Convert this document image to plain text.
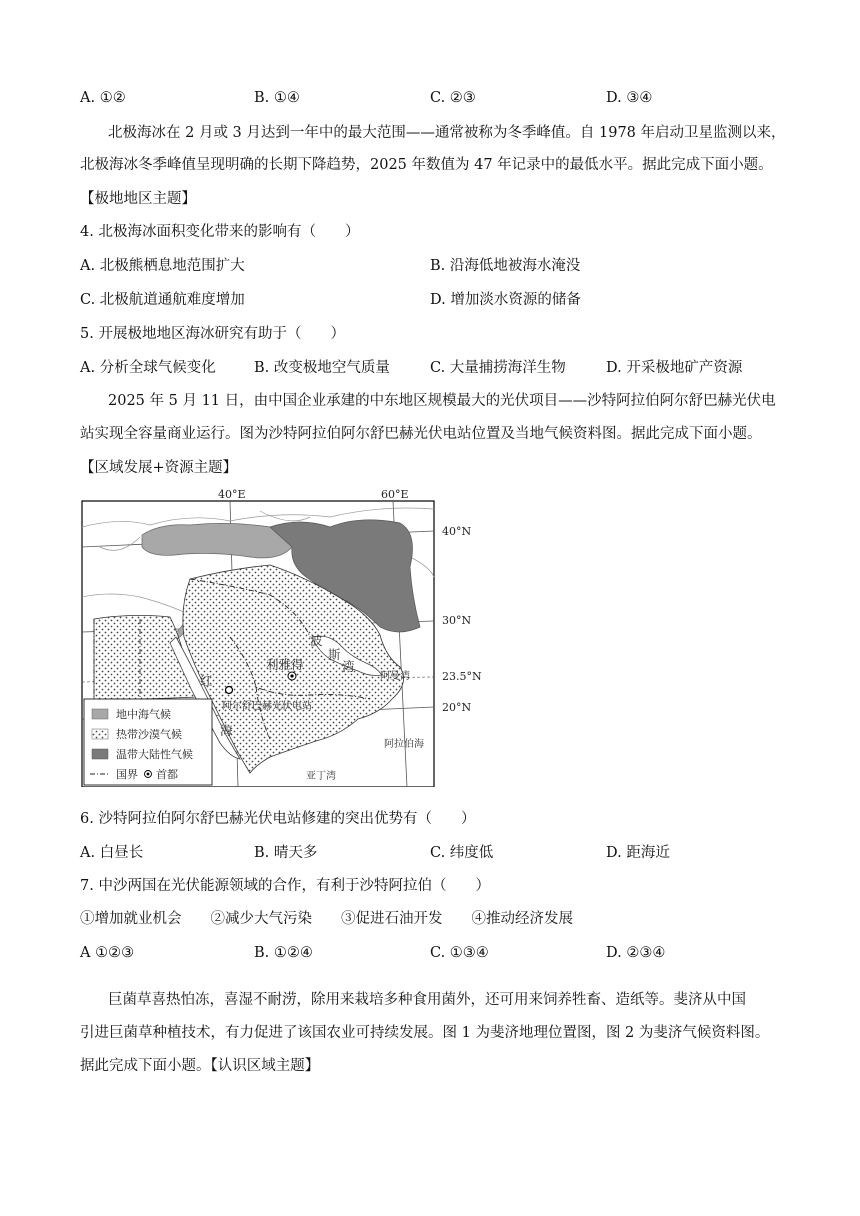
A. ①②	B. ①④	C. ②③	D. ③④
北极海冰在 2 月或 3 月达到一年中的最大范围——通常被称为冬季峰值。自 1978 年启动卫星监测以来，
北极海冰冬季峰值呈现明确的长期下降趋势，2025 年数值为 47 年记录中的最低水平。据此完成下面小题。
【极地地区主题】
4. 北极海冰面积变化带来的影响有（　　）
A. 北极熊栖息地范围扩大	B. 沿海低地被海水淹没
C. 北极航道通航难度增加	D. 增加淡水资源的储备
5. 开展极地地区海冰研究有助于（　　）
A. 分析全球气候变化	B. 改变极地空气质量	C. 大量捕捞海洋生物	D. 开采极地矿产资源
2025 年 5 月 11 日，由中国企业承建的中东地区规模最大的光伏项目——沙特阿拉伯阿尔舒巴赫光伏电
站实现全容量商业运行。图为沙特阿拉伯阿尔舒巴赫光伏电站位置及当地气候资料图。据此完成下面小题。
【区域发展+资源主题】
40°E	60°E
40°N
30°N
23.5°N
20°N
波
斯
湾
利雅得
红
海
阿尔舒巴赫光伏电站
阿曼湾
阿拉伯海
亚丁湾
地中海气候
热带沙漠气候
温带大陆性气候
国界 首都
6. 沙特阿拉伯阿尔舒巴赫光伏电站修建的突出优势有（　　）
A. 白昼长	B. 晴天多	C. 纬度低	D. 距海近
7. 中沙两国在光伏能源领域的合作，有利于沙特阿拉伯（　　）
①增加就业机会　　②减少大气污染　　③促进石油开发　　④推动经济发展
A ①②③	B. ①②④	C. ①③④	D. ②③④
巨菌草喜热怕冻，喜湿不耐涝，除用来栽培多种食用菌外，还可用来饲养牲畜、造纸等。斐济从中国
引进巨菌草种植技术，有力促进了该国农业可持续发展。图 1 为斐济地理位置图，图 2 为斐济气候资料图。
据此完成下面小题。【认识区域主题】
